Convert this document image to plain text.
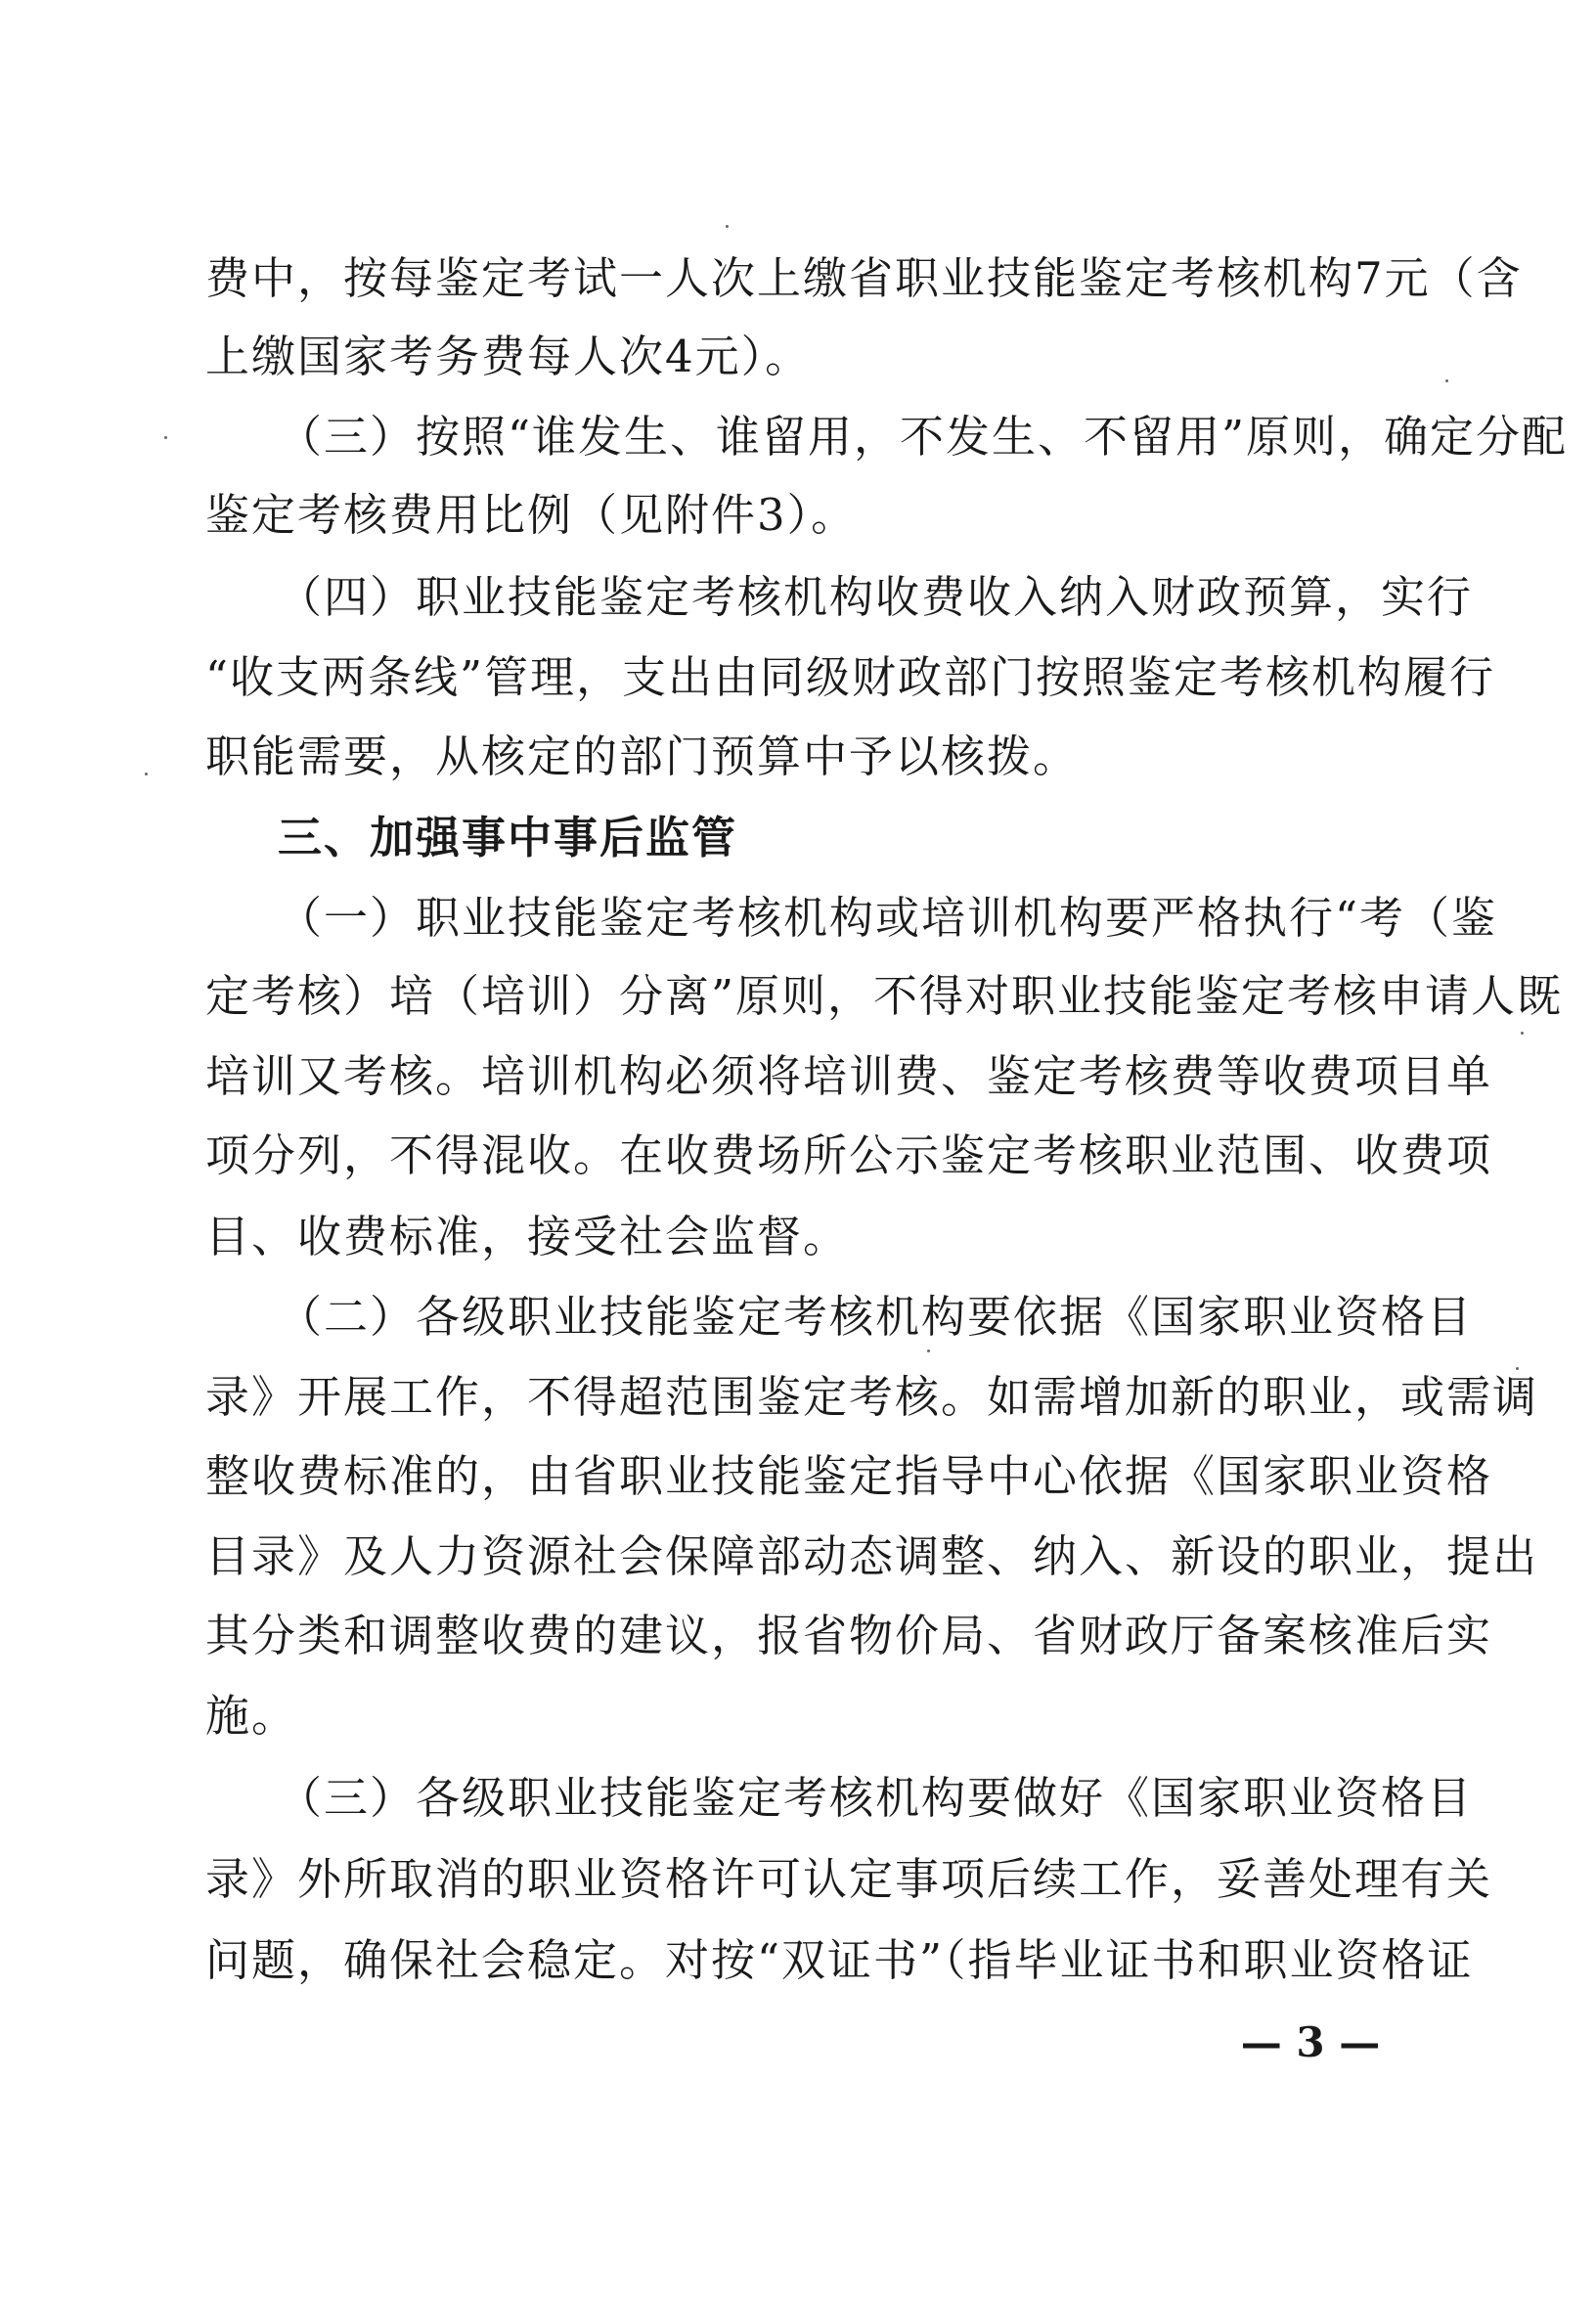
费中，按每鉴定考试一人次上缴省职业技能鉴定考核机构7元（含
上缴国家考务费每人次4元）。
（三）按照“谁发生、谁留用，不发生、不留用”原则，确定分配
鉴定考核费用比例（见附件3）。
（四）职业技能鉴定考核机构收费收入纳入财政预算，实行
“收支两条线”管理，支出由同级财政部门按照鉴定考核机构履行
职能需要，从核定的部门预算中予以核拨。
三、加强事中事后监管
（一）职业技能鉴定考核机构或培训机构要严格执行“考（鉴
定考核）培（培训）分离”原则，不得对职业技能鉴定考核申请人既
培训又考核。培训机构必须将培训费、鉴定考核费等收费项目单
项分列，不得混收。在收费场所公示鉴定考核职业范围、收费项
目、收费标准，接受社会监督。
（二）各级职业技能鉴定考核机构要依据《国家职业资格目
录》开展工作，不得超范围鉴定考核。如需增加新的职业，或需调
整收费标准的，由省职业技能鉴定指导中心依据《国家职业资格
目录》及人力资源社会保障部动态调整、纳入、新设的职业，提出
其分类和调整收费的建议，报省物价局、省财政厅备案核准后实
施。
（三）各级职业技能鉴定考核机构要做好《国家职业资格目
录》外所取消的职业资格许可认定事项后续工作，妥善处理有关
问题，确保社会稳定。对按“双证书”（指毕业证书和职业资格证
— 3 —
